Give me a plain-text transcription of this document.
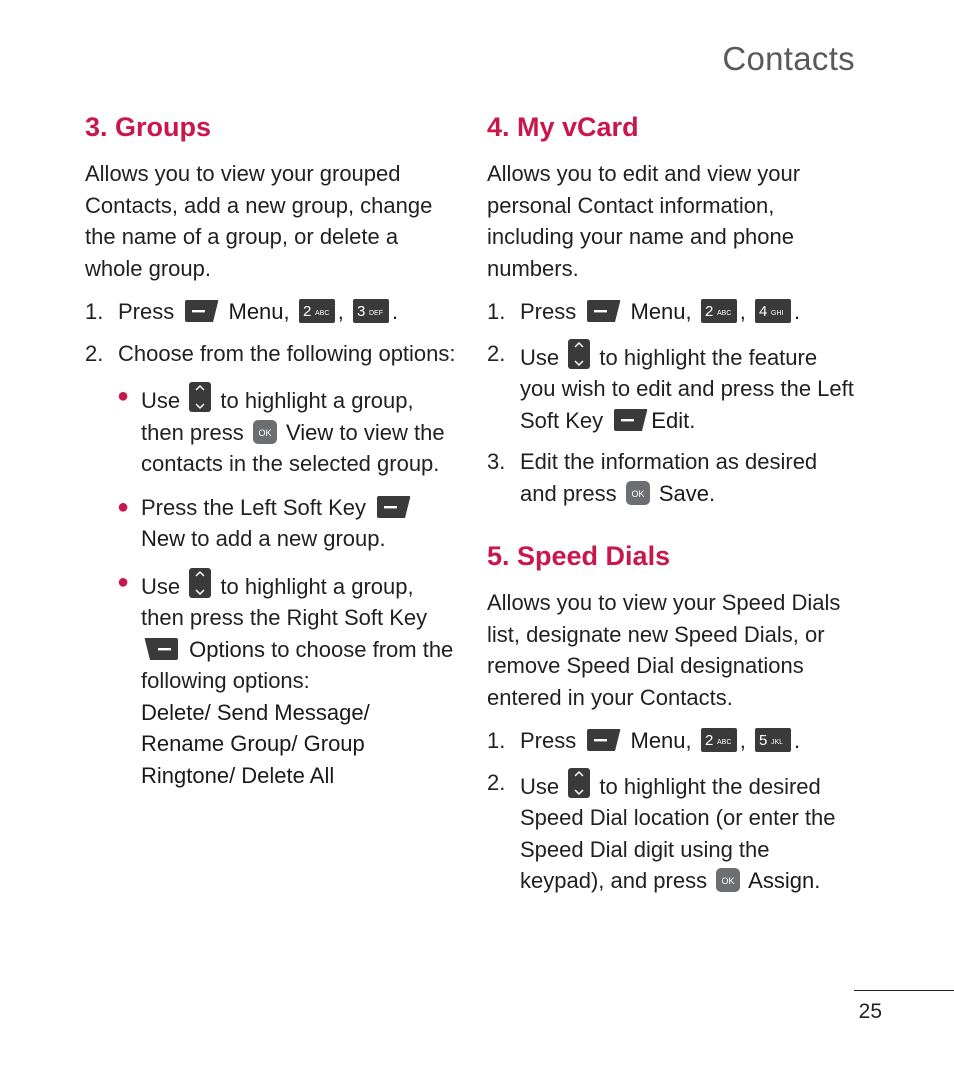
Contacts
3. Groups

Allows you to view your grouped Contacts, add a new group, change the name of a group, or delete a whole group.

1. Press Menu, 2 ABC , 3 DEF .

2. Choose from the following options:

● Use to highlight a group, then press OK View to view the contacts in the selected group.

● Press the Left Soft Key
New to add a new group.

● Use to highlight a group, then press the Right Soft Key
Options to choose from the following options:
Delete/ Send Message/ Rename Group/ Group Ringtone/ Delete All

4. My vCard

Allows you to edit and view your personal Contact information, including your name and phone numbers.

1. Press Menu, 2 ABC , 4 GHI .

2. Use to highlight the feature you wish to edit and press the Left Soft Key Edit.

3. Edit the information as desired and press OK Save.

5. Speed Dials

Allows you to view your Speed Dials list, designate new Speed Dials, or remove Speed Dial designations entered in your Contacts.

1. Press Menu, 2 ABC , 5 JKL .

2. Use to highlight the desired Speed Dial location (or enter the Speed Dial digit using the keypad), and press OK Assign.

25
